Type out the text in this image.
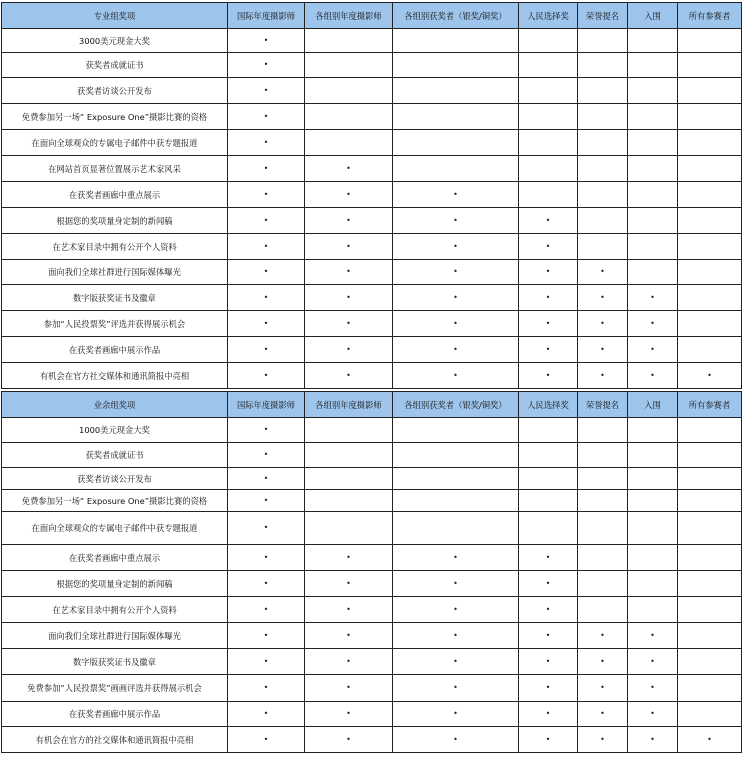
专业组奖项	国际年度摄影师	各组别年度摄影师	各组别获奖者（银奖/铜奖）	人民选择奖	荣誉提名	入围	所有参赛者
3000美元现金大奖	•						
获奖者成就证书	•						
获奖者访谈公开发布	•						
免费参加另一场“ Exposure One”摄影比赛的资格	•						
在面向全球观众的专属电子邮件中获专题报道	•						
在网站首页显著位置展示艺术家风采	•	•					
在获奖者画廊中重点展示	•	•	•				
根据您的奖项量身定制的新闻稿	•	•	•	•			
在艺术家目录中拥有公开个人资料	•	•	•	•			
面向我们全球社群进行国际媒体曝光	•	•	•	•	•		
数字版获奖证书及徽章	•	•	•	•	•	•	
参加“人民投票奖”评选并获得展示机会	•	•	•	•	•	•	
在获奖者画廊中展示作品	•	•	•	•	•	•	
有机会在官方社交媒体和通讯简报中亮相	•	•	•	•	•	•	•
业余组奖项	国际年度摄影师	各组别年度摄影师	各组别获奖者（银奖/铜奖）	人民选择奖	荣誉提名	入围	所有参赛者
1000美元现金大奖	•						
获奖者成就证书	•						
获奖者访谈公开发布	•						
免费参加另一场“ Exposure One”摄影比赛的资格	•						
在面向全球观众的专属电子邮件中获专题报道	•						
在获奖者画廊中重点展示	•	•	•	•			
根据您的奖项量身定制的新闻稿	•	•	•	•			
在艺术家目录中拥有公开个人资料	•	•	•	•			
面向我们全球社群进行国际媒体曝光	•	•	•	•	•	•	
数字版获奖证书及徽章	•	•	•	•	•	•	
免费参加“人民投票奖”画画评选并获得展示机会	•	•	•	•	•	•	
在获奖者画廊中展示作品	•	•	•	•	•	•	
有机会在官方的社交媒体和通讯简报中亮相	•	•	•	•	•	•	•
